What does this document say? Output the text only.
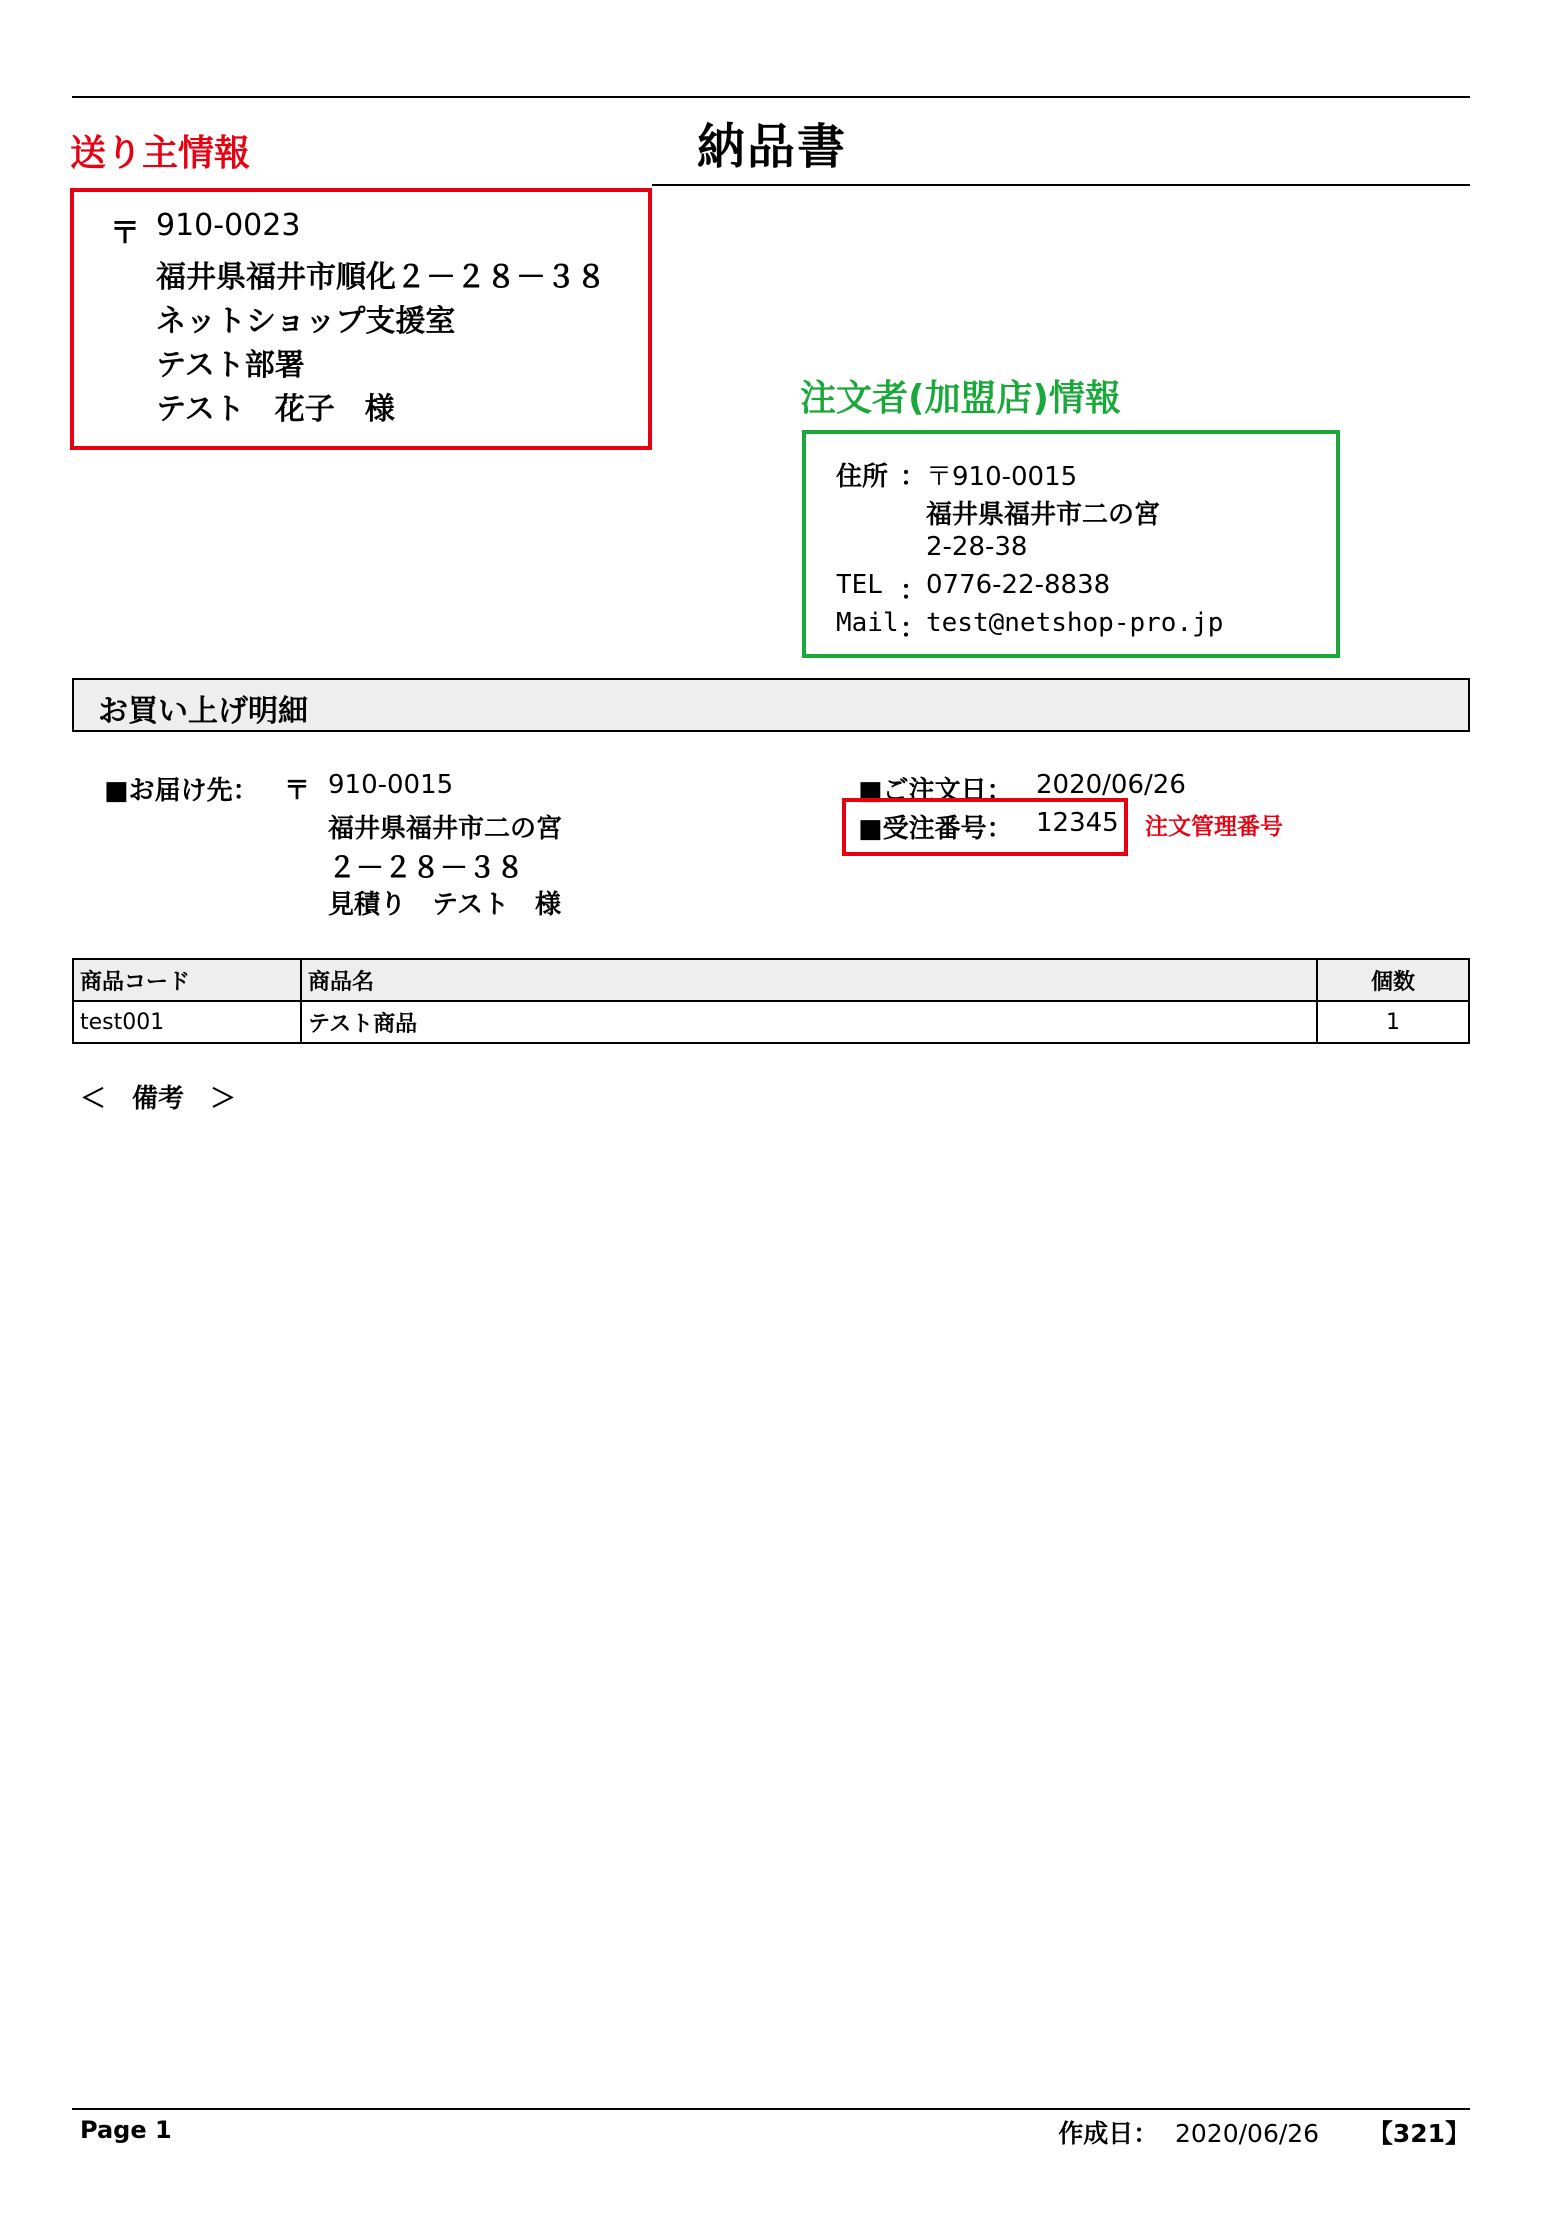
納品書
送り主情報
〒 910-0023
福井県福井市順化２－２８－３８
ネットショップ支援室
テスト部署
テスト　花子　様	注文者(加盟店)情報
住所 ： 〒910-0015
福井県福井市二の宮
2-28-38
TEL ： 0776-22-8838
Mail ： test@netshop-pro.jp
お買い上げ明細
■お届け先： 〒 910-0015
福井県福井市二の宮
２－２８－３８
見積り　テスト　様
■ご注文日： 2020/06/26
■受注番号： 12345 注文管理番号
商品コード	商品名	個数
test001	テスト商品	1
＜　備考　＞
Page 1	作成日： 2020/06/26 【321】
